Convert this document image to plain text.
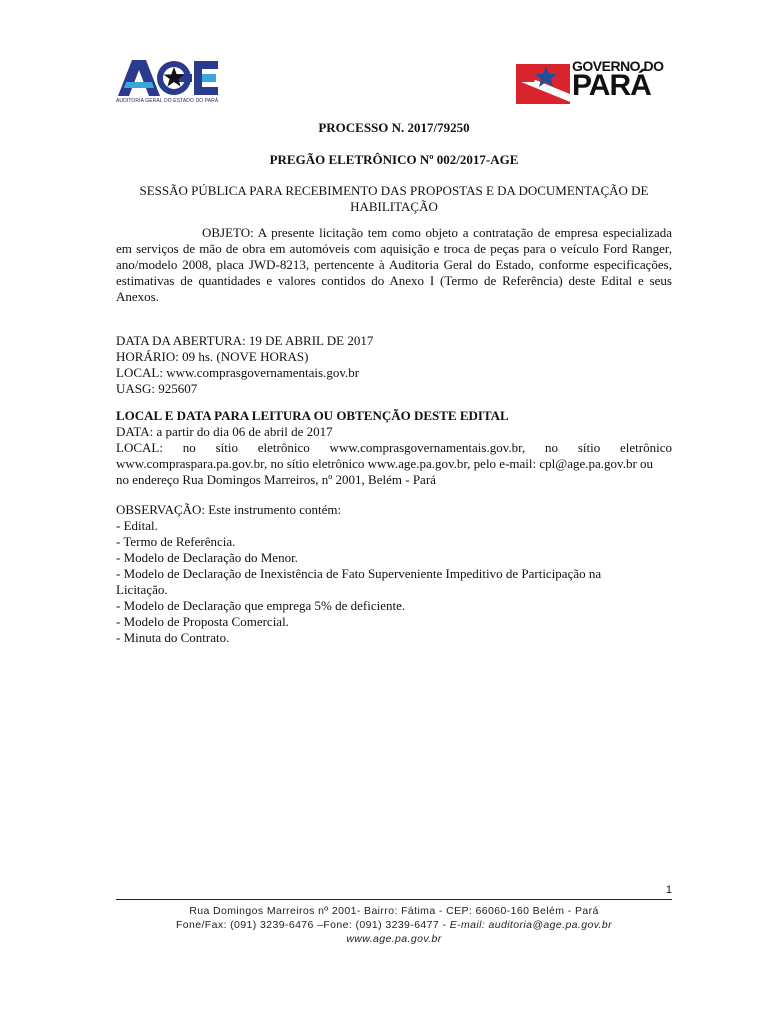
AUDITORIA GERAL DO ESTADO DO PARÁ
GOVERNO DO
PARÁ
PROCESSO N. 2017/79250
PREGÃO ELETRÔNICO Nº 002/2017-AGE
SESSÃO PÚBLICA PARA RECEBIMENTO DAS PROPOSTAS E DA DOCUMENTAÇÃO DE
HABILITAÇÃO
OBJETO: A presente licitação tem como objeto a contratação de empresa especializada em serviços de mão de obra em automóveis com aquisição e troca de peças para o veículo Ford Ranger, ano/modelo 2008, placa JWD-8213, pertencente à Auditoria Geral do Estado, conforme especificações, estimativas de quantidades e valores contidos do Anexo I (Termo de Referência) deste Edital e seus Anexos.
DATA DA ABERTURA: 19 DE ABRIL DE 2017
HORÁRIO: 09 hs. (NOVE HORAS)
LOCAL: www.comprasgovernamentais.gov.br
UASG: 925607
LOCAL E DATA PARA LEITURA OU OBTENÇÃO DESTE EDITAL
DATA: a partir do dia 06 de abril de 2017
LOCAL: no sítio eletrônico www.comprasgovernamentais.gov.br, no sítio eletrônico
www.compraspara.pa.gov.br, no sítio eletrônico www.age.pa.gov.br, pelo e-mail: cpl@age.pa.gov.br ou
no endereço Rua Domingos Marreiros, nº 2001, Belém - Pará
OBSERVAÇÃO: Este instrumento contém:
- Edital.
- Termo de Referência.
- Modelo de Declaração do Menor.
- Modelo de Declaração de Inexistência de Fato Superveniente Impeditivo de Participação na
Licitação.
- Modelo de Declaração que emprega 5% de deficiente.
- Modelo de Proposta Comercial.
- Minuta do Contrato.
1
Rua Domingos Marreiros nº 2001- Bairro: Fátima - CEP: 66060-160 Belém - Pará
Fone/Fax: (091) 3239-6476 –Fone: (091) 3239-6477 - E-mail: auditoria@age.pa.gov.br
www.age.pa.gov.br
